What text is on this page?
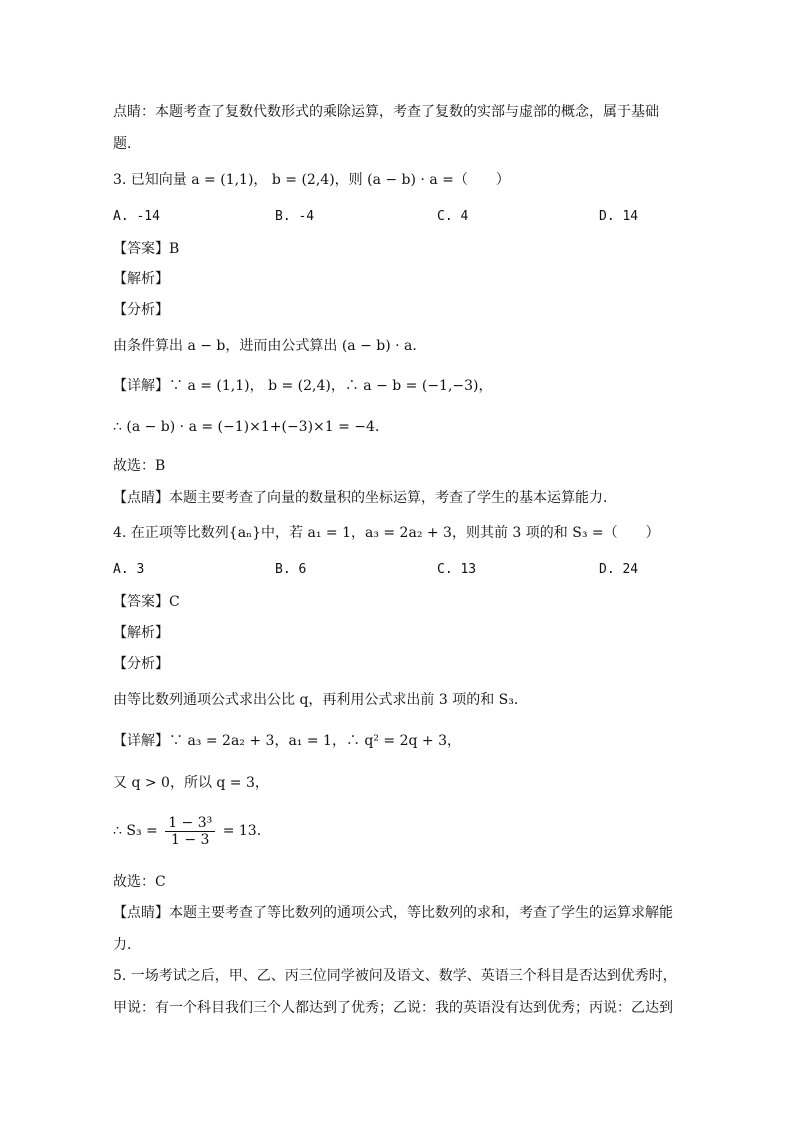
点睛：本题考查了复数代数形式的乘除运算，考查了复数的实部与虚部的概念，属于基础
题．
3. 已知向量 a = (1,1)， b = (2,4)，则 (a − b) · a =（　　）
A. -14	B. -4	C. 4	D. 14
【答案】B
【解析】
【分析】
由条件算出 a − b，进而由公式算出 (a − b) · a．
【详解】∵ a = (1,1)， b = (2,4)，∴ a − b = (−1,−3)，
∴ (a − b) · a = (−1)×1+(−3)×1 = −4．
故选：B
【点睛】本题主要考查了向量的数量积的坐标运算，考查了学生的基本运算能力．
4. 在正项等比数列{aₙ}中，若 a₁ = 1，a₃ = 2a₂ + 3，则其前 3 项的和 S₃ =（　　）
A. 3	B. 6	C. 13	D. 24
【答案】C
【解析】
【分析】
由等比数列通项公式求出公比 q，再利用公式求出前 3 项的和 S₃．
【详解】∵ a₃ = 2a₂ + 3，a₁ = 1，∴ q² = 2q + 3，
又 q > 0，所以 q = 3，
∴ $S_3 = \frac{\text{1 − 3³}}{1 - 3} = 13$．
故选：C
【点睛】本题主要考查了等比数列的通项公式，等比数列的求和，考查了学生的运算求解能
力．
5. 一场考试之后，甲、乙、丙三位同学被问及语文、数学、英语三个科目是否达到优秀时，
甲说：有一个科目我们三个人都达到了优秀；乙说：我的英语没有达到优秀；丙说：乙达到
